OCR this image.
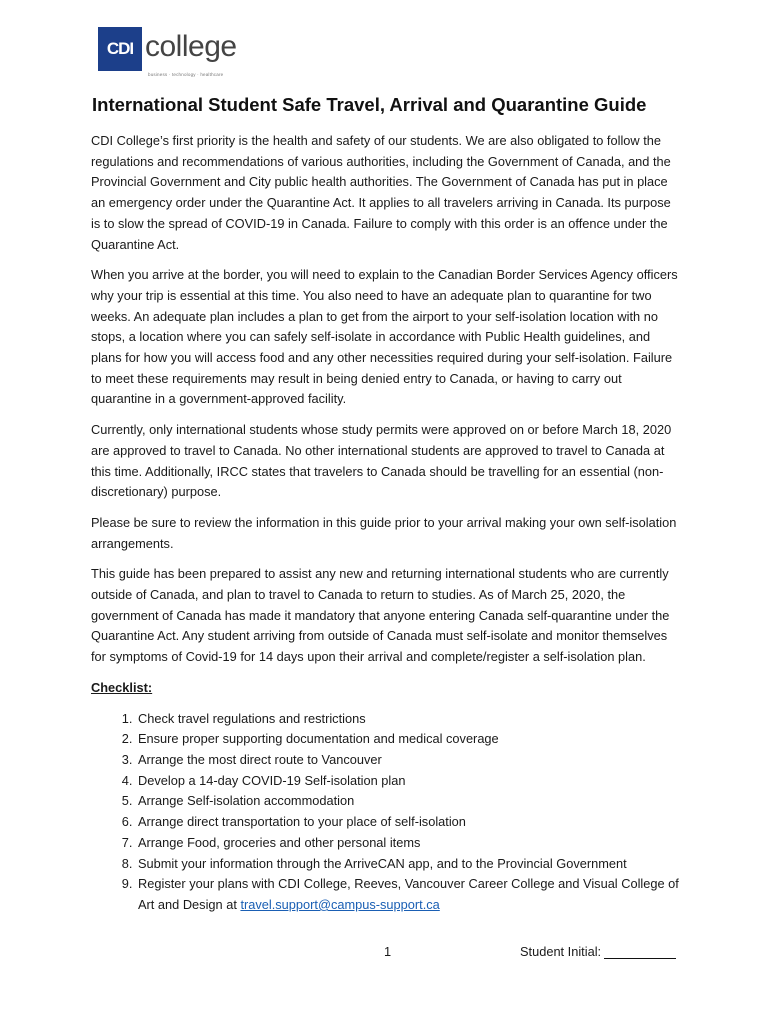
CDI college
business · technology · healthcare
International Student Safe Travel, Arrival and Quarantine Guide

CDI College’s first priority is the health and safety of our students. We are also obligated to follow the regulations and recommendations of various authorities, including the Government of Canada, and the Provincial Government and City public health authorities. The Government of Canada has put in place an emergency order under the Quarantine Act. It applies to all travelers arriving in Canada. Its purpose is to slow the spread of COVID-19 in Canada. Failure to comply with this order is an offence under the Quarantine Act.

When you arrive at the border, you will need to explain to the Canadian Border Services Agency officers why your trip is essential at this time. You also need to have an adequate plan to quarantine for two weeks. An adequate plan includes a plan to get from the airport to your self-isolation location with no stops, a location where you can safely self-isolate in accordance with Public Health guidelines, and plans for how you will access food and any other necessities required during your self-isolation. Failure to meet these requirements may result in being denied entry to Canada, or having to carry out quarantine in a government-approved facility.

Currently, only international students whose study permits were approved on or before March 18, 2020 are approved to travel to Canada. No other international students are approved to travel to Canada at this time. Additionally, IRCC states that travelers to Canada should be travelling for an essential (non- discretionary) purpose.

Please be sure to review the information in this guide prior to your arrival making your own self-isolation arrangements.

This guide has been prepared to assist any new and returning international students who are currently outside of Canada, and plan to travel to Canada to return to studies. As of March 25, 2020, the government of Canada has made it mandatory that anyone entering Canada self-quarantine under the Quarantine Act. Any student arriving from outside of Canada must self-isolate and monitor themselves for symptoms of Covid-19 for 14 days upon their arrival and complete/register a self-isolation plan.

Checklist:
1. Check travel regulations and restrictions
2. Ensure proper supporting documentation and medical coverage
3. Arrange the most direct route to Vancouver
4. Develop a 14-day COVID-19 Self-isolation plan
5. Arrange Self-isolation accommodation
6. Arrange direct transportation to your place of self-isolation
7. Arrange Food, groceries and other personal items
8. Submit your information through the ArriveCAN app, and to the Provincial Government
9. Register your plans with CDI College, Reeves, Vancouver Career College and Visual College of Art and Design at travel.support@campus-support.ca
1	Student Initial:
